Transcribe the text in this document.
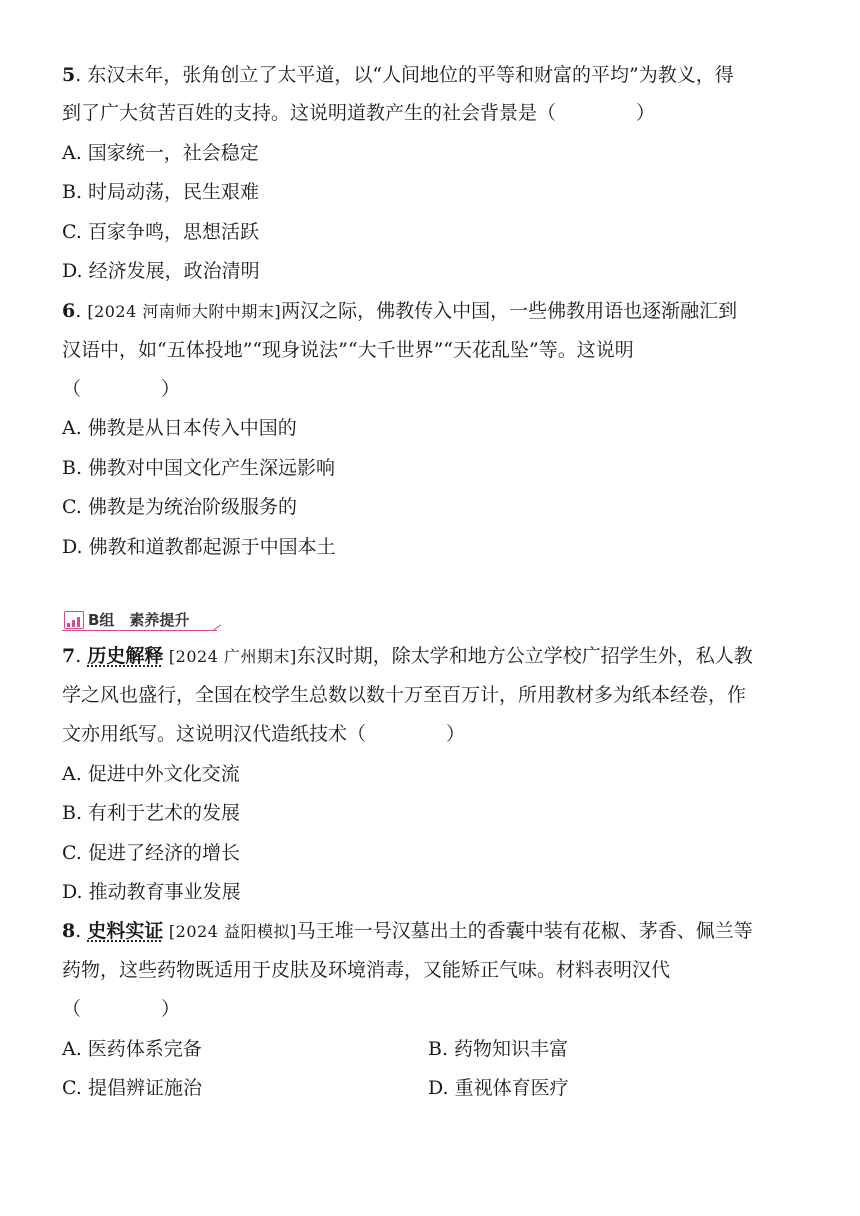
5. 东汉末年，张角创立了太平道，以“人间地位的平等和财富的平均”为教义，得
到了广大贫苦百姓的支持。这说明道教产生的社会背景是（	）
A. 国家统一，社会稳定
B. 时局动荡，民生艰难
C. 百家争鸣，思想活跃
D. 经济发展，政治清明
6. [2024 河南师大附中期末]两汉之际，佛教传入中国，一些佛教用语也逐渐融汇到
汉语中，如“五体投地”“现身说法”“大千世界”“天花乱坠”等。这说明
（	）
A. 佛教是从日本传入中国的
B. 佛教对中国文化产生深远影响
C. 佛教是为统治阶级服务的
D. 佛教和道教都起源于中国本土
B组　素养提升
7. 历史解释 [2024 广州期末]东汉时期，除太学和地方公立学校广招学生外，私人教
学之风也盛行，全国在校学生总数以数十万至百万计，所用教材多为纸本经卷，作
文亦用纸写。这说明汉代造纸技术（	）
A. 促进中外文化交流
B. 有利于艺术的发展
C. 促进了经济的增长
D. 推动教育事业发展
8. 史料实证 [2024 益阳模拟]马王堆一号汉墓出土的香囊中装有花椒、茅香、佩兰等
药物，这些药物既适用于皮肤及环境消毒，又能矫正气味。材料表明汉代
（	）
A. 医药体系完备	B. 药物知识丰富
C. 提倡辨证施治	D. 重视体育医疗
